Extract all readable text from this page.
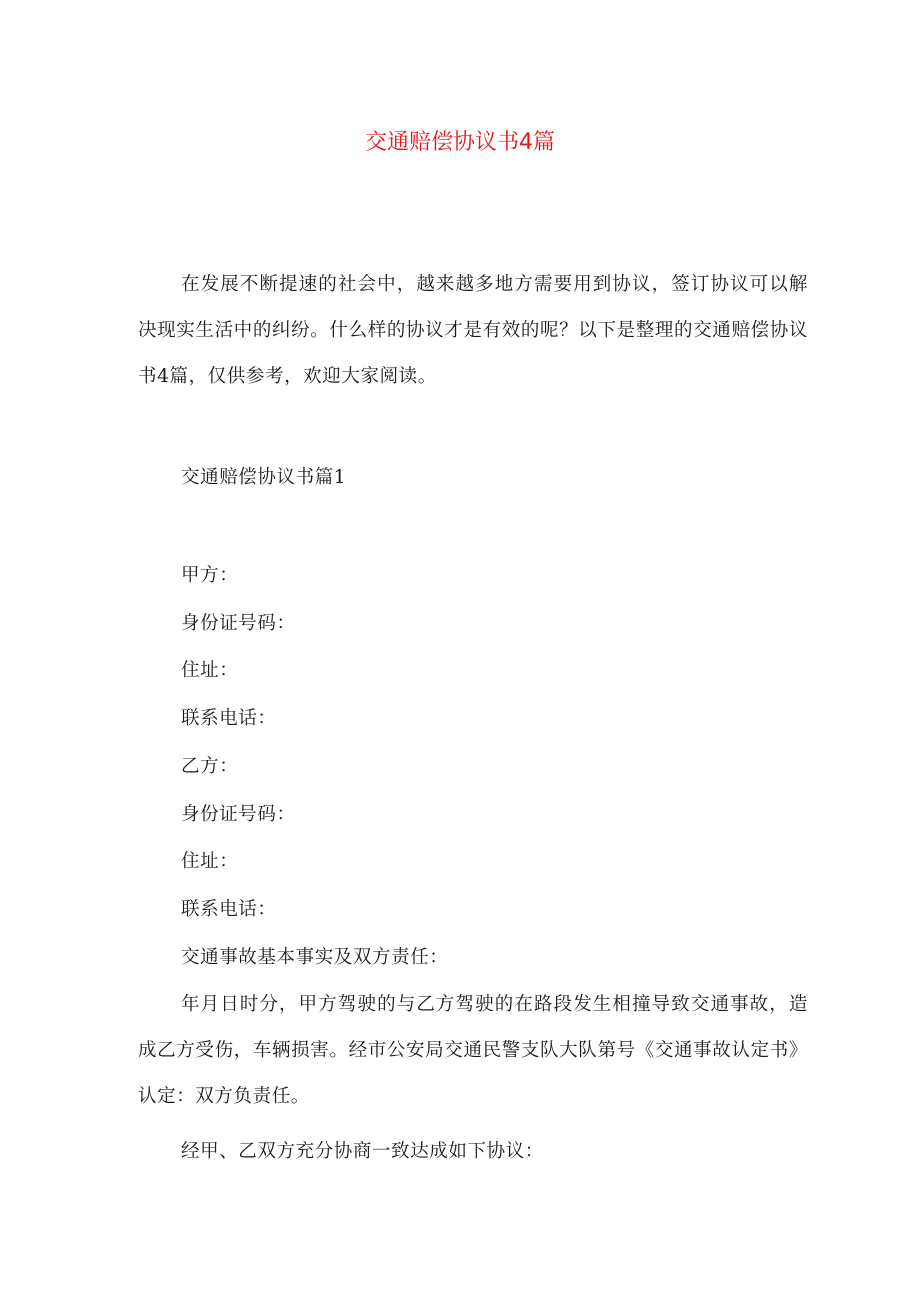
交通赔偿协议书4篇

在发展不断提速的社会中，越来越多地方需要用到协议，签订协议可以解决现实生活中的纠纷。什么样的协议才是有效的呢？以下是整理的交通赔偿协议书4篇，仅供参考，欢迎大家阅读。

交通赔偿协议书篇1
甲方：
身份证号码：
住址：
联系电话：
乙方：
身份证号码：
住址：
联系电话：
交通事故基本事实及双方责任：

年月日时分，甲方驾驶的与乙方驾驶的在路段发生相撞导致交通事故，造成乙方受伤，车辆损害。经市公安局交通民警支队大队第号《交通事故认定书》认定：双方负责任。

经甲、乙双方充分协商一致达成如下协议：
